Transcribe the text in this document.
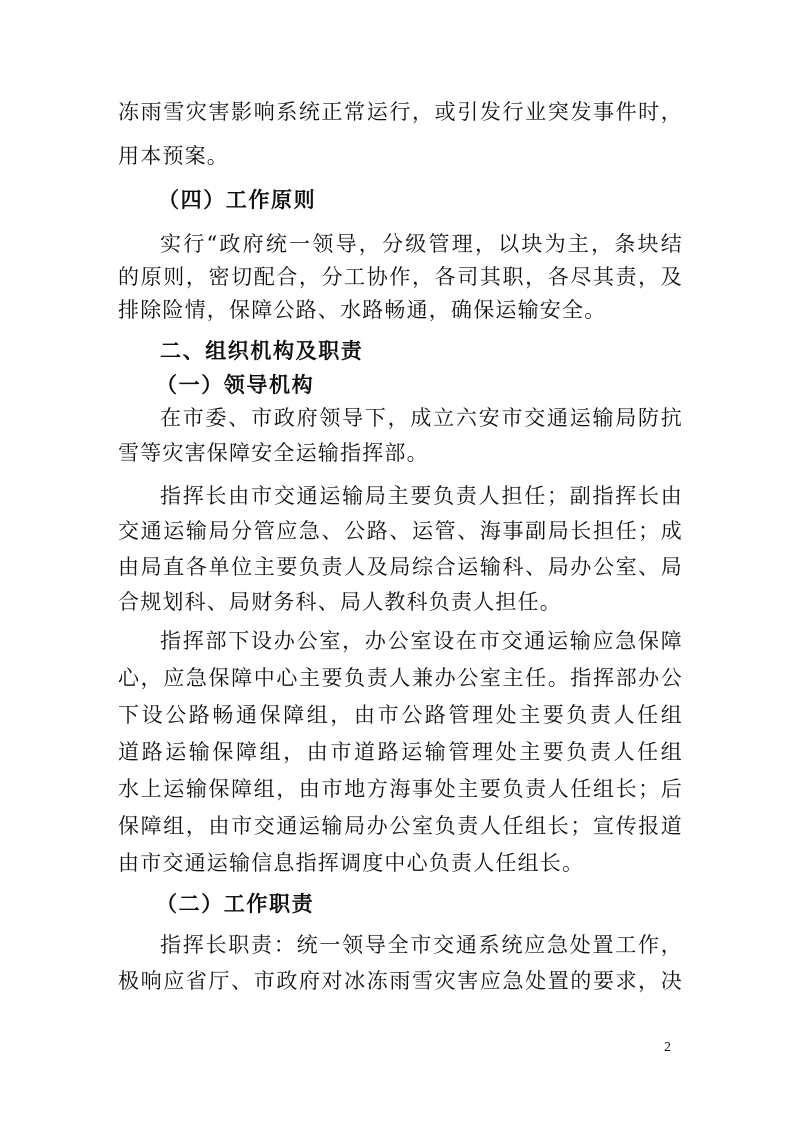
冻雨雪灾害影响系统正常运行，或引发行业突发事件时，
用本预案。
（四）工作原则
实行“政府统一领导，分级管理，以块为主，条块结
的原则，密切配合，分工协作，各司其职，各尽其责，及
排除险情，保障公路、水路畅通，确保运输安全。
二、组织机构及职责
（一）领导机构
在市委、市政府领导下，成立六安市交通运输局防抗
雪等灾害保障安全运输指挥部。
指挥长由市交通运输局主要负责人担任；副指挥长由
交通运输局分管应急、公路、运管、海事副局长担任；成
由局直各单位主要负责人及局综合运输科、局办公室、局
合规划科、局财务科、局人教科负责人担任。
指挥部下设办公室，办公室设在市交通运输应急保障
心，应急保障中心主要负责人兼办公室主任。指挥部办公
下设公路畅通保障组，由市公路管理处主要负责人任组
道路运输保障组，由市道路运输管理处主要负责人任组
水上运输保障组，由市地方海事处主要负责人任组长；后
保障组，由市交通运输局办公室负责人任组长；宣传报道
由市交通运输信息指挥调度中心负责人任组长。
（二）工作职责
指挥长职责：统一领导全市交通系统应急处置工作，
极响应省厅、市政府对冰冻雨雪灾害应急处置的要求，决
2
